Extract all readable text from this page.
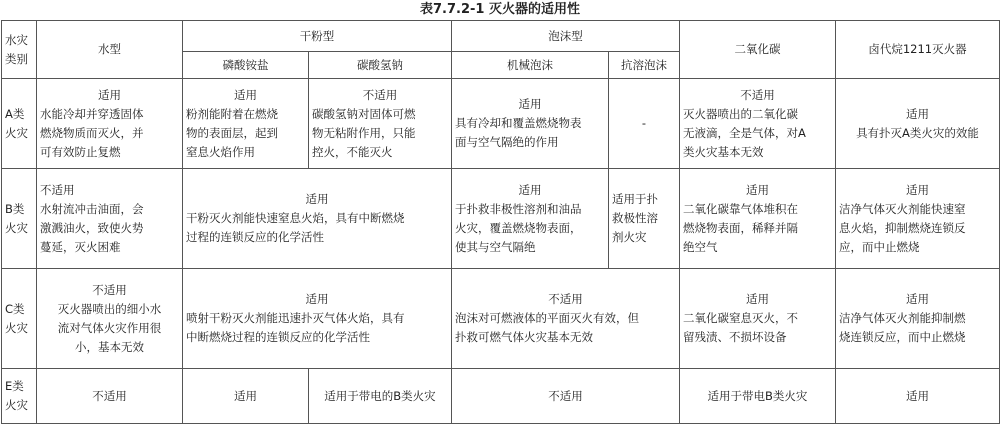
表7.7.2-1 灭火器的适用性
水灾
类别	水型	干粉型		泡沫型		二氧化碳	卤代烷1211灭火器
		磷酸铵盐	碳酸氢钠	机械泡沫	抗溶泡沫		
A类
火灾	适用
水能冷却并穿透固体
燃烧物质而灭火，并
可有效防止复燃	适用
粉剂能附着在燃烧
物的表面层，起到
窒息火焰作用	不适用
碳酸氢钠对固体可燃
物无粘附作用，只能
控火，不能灭火	适用
具有冷却和覆盖燃烧物表
面与空气隔绝的作用	-	不适用
灭火器喷出的二氧化碳
无液滴，全是气体，对A
类火灾基本无效	适用
具有扑灭A类火灾的效能

B类
火灾	不适用
水射流冲击油面，会
激溅油火，致使火势
蔓延，灭火困难	适用
干粉灭火剂能快速窒息火焰，具有中断燃烧
过程的连锁反应的化学活性		适用
于扑救非极性溶剂和油品
火灾，覆盖燃烧物表面，
使其与空气隔绝	适用于扑
救极性溶
剂火灾	适用
二氧化碳靠气体堆积在
燃烧物表面，稀释并隔
绝空气	适用
洁净气体灭火剂能快速窒
息火焰，抑制燃烧连锁反
应，而中止燃烧

C类
火灾	不适用
灭火器喷出的细小水
流对气体火灾作用很
小，基本无效	适用
喷射干粉灭火剂能迅速扑灭气体火焰，具有
中断燃烧过程的连锁反应的化学活性		不适用
泡沫对可燃液体的平面灭火有效，但
扑救可燃气体火灾基本无效		适用
二氧化碳窒息灭火，不
留残渍、不损坏设备	适用
洁净气体灭火剂能抑制燃
烧连锁反应，而中止燃烧

E类
火灾	不适用	适用	适用于带电的B类火灾	不适用		适用于带电B类火灾	适用
